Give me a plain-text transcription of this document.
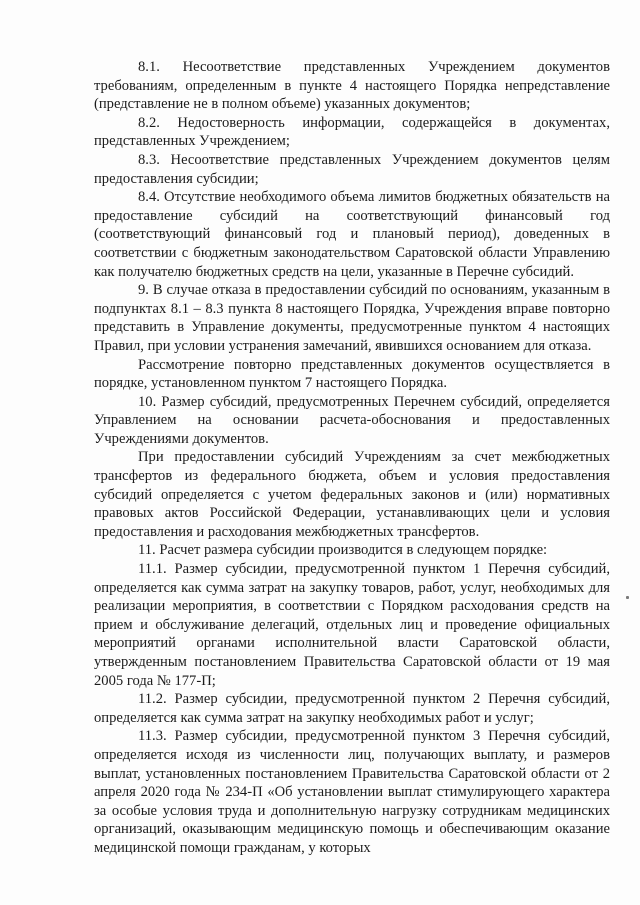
8.1. Несоответствие представленных Учреждением документов требованиям, определенным в пункте 4 настоящего Порядка непредставление (представление не в полном объеме) указанных документов;

8.2. Недостоверность информации, содержащейся в документах, представленных Учреждением;

8.3. Несоответствие представленных Учреждением документов целям предоставления субсидии;

8.4. Отсутствие необходимого объема лимитов бюджетных обязательств на предоставление субсидий на соответствующий финансовый год (соответствующий финансовый год и плановый период), доведенных в соответствии с бюджетным законодательством Саратовской области Управлению как получателю бюджетных средств на цели, указанные в Перечне субсидий.

9. В случае отказа в предоставлении субсидий по основаниям, указанным в подпунктах 8.1 – 8.3 пункта 8 настоящего Порядка, Учреждения вправе повторно представить в Управление документы, предусмотренные пунктом 4 настоящих Правил, при условии устранения замечаний, явившихся основанием для отказа.

Рассмотрение повторно представленных документов осуществляется в порядке, установленном пунктом 7 настоящего Порядка.

10. Размер субсидий, предусмотренных Перечнем субсидий, определяется Управлением на основании расчета-обоснования и предоставленных Учреждениями документов.

При предоставлении субсидий Учреждениям за счет межбюджетных трансфертов из федерального бюджета, объем и условия предоставления субсидий определяется с учетом федеральных законов и (или) нормативных правовых актов Российской Федерации, устанавливающих цели и условия предоставления и расходования межбюджетных трансфертов.

11. Расчет размера субсидии производится в следующем порядке:

11.1. Размер субсидии, предусмотренной пунктом 1 Перечня субсидий, определяется как сумма затрат на закупку товаров, работ, услуг, необходимых для реализации мероприятия, в соответствии с Порядком расходования средств на прием и обслуживание делегаций, отдельных лиц и проведение официальных мероприятий органами исполнительной власти Саратовской области, утвержденным постановлением Правительства Саратовской области от 19 мая 2005 года № 177-П;

11.2. Размер субсидии, предусмотренной пунктом 2 Перечня субсидий, определяется как сумма затрат на закупку необходимых работ и услуг;

11.3. Размер субсидии, предусмотренной пунктом 3 Перечня субсидий, определяется исходя из численности лиц, получающих выплату, и размеров выплат, установленных постановлением Правительства Саратовской области от 2 апреля 2020 года № 234-П «Об установлении выплат стимулирующего характера за особые условия труда и дополнительную нагрузку сотрудникам медицинских организаций, оказывающим медицинскую помощь и обеспечивающим оказание медицинской помощи гражданам, у которых
